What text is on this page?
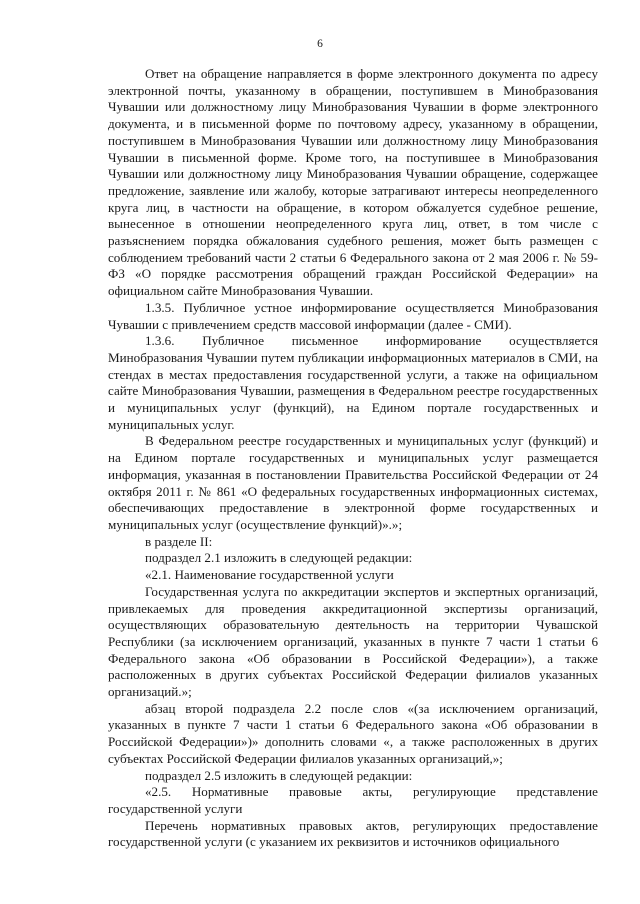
6

Ответ на обращение направляется в форме электронного документа по адресу электронной почты, указанному в обращении, поступившем в Минобразования Чувашии или должностному лицу Минобразования Чувашии в форме электронного документа, и в письменной форме по почтовому адресу, указанному в обращении, поступившем в Минобразования Чувашии или должностному лицу Минобразования Чувашии в письменной форме. Кроме того, на поступившее в Минобразования Чувашии или должностному лицу Минобразования Чувашии обращение, содержащее предложение, заявление или жалобу, которые затрагивают интересы неопределенного круга лиц, в частности на обращение, в котором обжалуется судебное решение, вынесенное в отношении неопределенного круга лиц, ответ, в том числе с разъяснением порядка обжалования судебного решения, может быть размещен с соблюдением требований части 2 статьи 6 Федерального закона от 2 мая 2006 г. № 59-ФЗ «О порядке рассмотрения обращений граждан Российской Федерации» на официальном сайте Минобразования Чувашии.

1.3.5. Публичное устное информирование осуществляется Минобразования Чувашии с привлечением средств массовой информации (далее - СМИ).

1.3.6. Публичное письменное информирование осуществляется Минобразования Чувашии путем публикации информационных материалов в СМИ, на стендах в местах предоставления государственной услуги, а также на официальном сайте Минобразования Чувашии, размещения в Федеральном реестре государственных и муниципальных услуг (функций), на Едином портале государственных и муниципальных услуг.

В Федеральном реестре государственных и муниципальных услуг (функций) и на Едином портале государственных и муниципальных услуг размещается информация, указанная в постановлении Правительства Российской Федерации от 24 октября 2011 г. № 861 «О федеральных государственных информационных системах, обеспечивающих предоставление в электронной форме государственных и муниципальных услуг (осуществление функций)».»;

в разделе II:

подраздел 2.1 изложить в следующей редакции:

«2.1. Наименование государственной услуги

Государственная услуга по аккредитации экспертов и экспертных организаций, привлекаемых для проведения аккредитационной экспертизы организаций, осуществляющих образовательную деятельность на территории Чувашской Республики (за исключением организаций, указанных в пункте 7 части 1 статьи 6 Федерального закона «Об образовании в Российской Федерации»), а также расположенных в других субъектах Российской Федерации филиалов указанных организаций.»;

абзац второй подраздела 2.2 после слов «(за исключением организаций, указанных в пункте 7 части 1 статьи 6 Федерального закона «Об образовании в Российской Федерации»)» дополнить словами «, а также расположенных в других субъектах Российской Федерации филиалов указанных организаций,»;

подраздел 2.5 изложить в следующей редакции:

«2.5. Нормативные правовые акты, регулирующие представление государственной услуги

Перечень нормативных правовых актов, регулирующих предоставление государственной услуги (с указанием их реквизитов и источников официального
